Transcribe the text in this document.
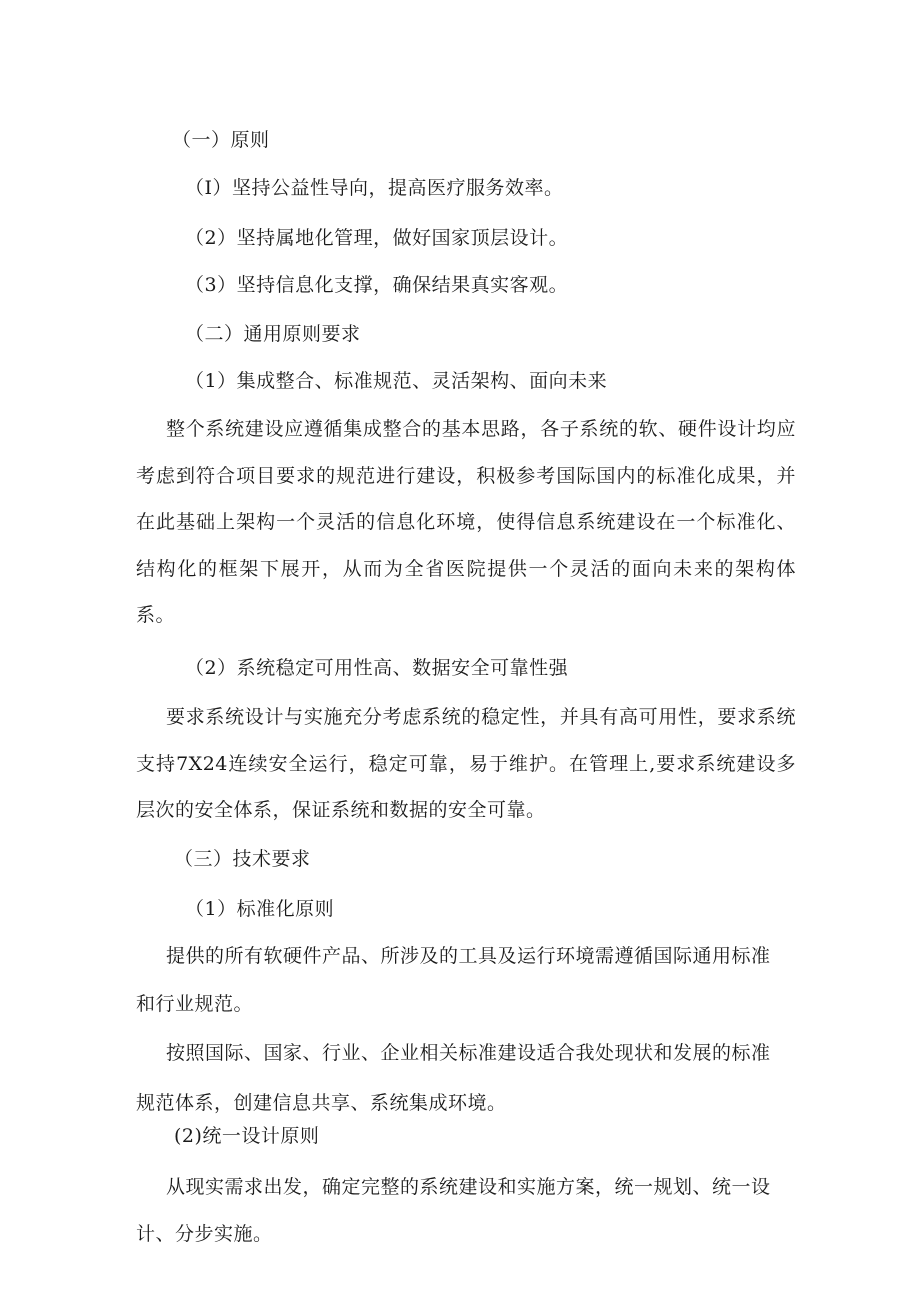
（一）原则
（I）坚持公益性导向，提高医疗服务效率。
（2）坚持属地化管理，做好国家顶层设计。
（3）坚持信息化支撑，确保结果真实客观。
（二）通用原则要求
（1）集成整合、标准规范、灵活架构、面向未来
整个系统建设应遵循集成整合的基本思路，各子系统的软、硬件设计均应考虑到符合项目要求的规范进行建设，积极参考国际国内的标准化成果，并在此基础上架构一个灵活的信息化环境，使得信息系统建设在一个标准化、结构化的框架下展开，从而为全省医院提供一个灵活的面向未来的架构体系。
（2）系统稳定可用性高、数据安全可靠性强
要求系统设计与实施充分考虑系统的稳定性，并具有高可用性，要求系统支持7X24连续安全运行，稳定可靠，易于维护。在管理上,要求系统建设多层次的安全体系，保证系统和数据的安全可靠。
（三）技术要求
（1）标准化原则
提供的所有软硬件产品、所涉及的工具及运行环境需遵循国际通用标准
和行业规范。
按照国际、国家、行业、企业相关标准建设适合我处现状和发展的标准
规范体系，创建信息共享、系统集成环境。
(2)统一设计原则
从现实需求出发，确定完整的系统建设和实施方案，统一规划、统一设
计、分步实施。
